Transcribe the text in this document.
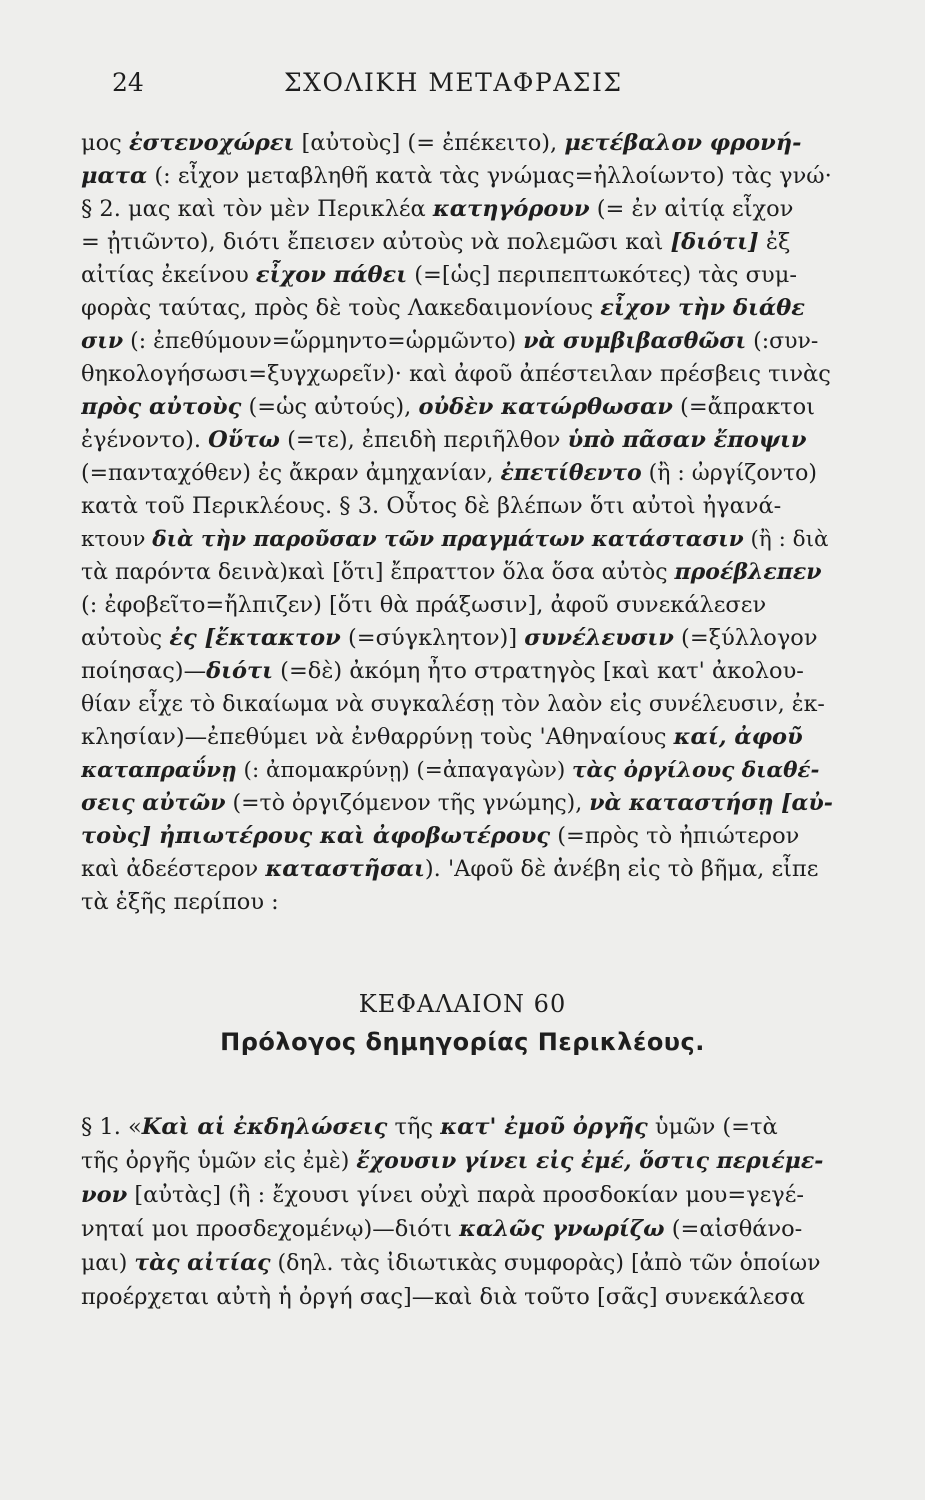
24	ΣΧΟΛΙΚΗ ΜΕΤΑΦΡΑΣΙΣ

μος ἐστενοχώρει [αὐτοὺς] (= ἐπέκειτο), μετέβαλον φρονή-

ματα (: εἶχον μεταβληθῆ κατὰ τὰς γνώμας=ἠλλοίωντο) τὰς γνώ·

§ 2. μας καὶ τὸν μὲν Περικλέα κατηγόρουν (= ἐν αἰτίᾳ εἶχον

= ᾐτιῶντο), διότι ἔπεισεν αὐτοὺς νὰ πολεμῶσι καὶ [διότι] ἐξ

αἰτίας ἐκείνου εἶχον πάθει (=[ὡς] περιπεπτωκότες) τὰς συμ-

φορὰς ταύτας, πρὸς δὲ τοὺς Λακεδαιμονίους εἶχον τὴν διάθε

σιν (: ἐπεθύμουν=ὥρμηντο=ὡρμῶντο) νὰ συμβιβασθῶσι (:συν-

θηκολογήσωσι=ξυγχωρεῖν)· καὶ ἀφοῦ ἀπέστειλαν πρέσβεις τινὰς

πρὸς αὐτοὺς (=ὡς αὐτούς), οὐδὲν κατώρθωσαν (=ἄπρακτοι

ἐγένοντο). Οὕτω (=τε), ἐπειδὴ περιῆλθον ὑπὸ πᾶσαν ἔποψιν

(=πανταχόθεν) ἐς ἄκραν ἀμηχανίαν, ἐπετίθεντο (ἢ : ὠργίζοντο)

κατὰ τοῦ Περικλέους. § 3. Οὗτος δὲ βλέπων ὅτι αὐτοὶ ἠγανά-

κτουν διὰ τὴν παροῦσαν τῶν πραγμάτων κατάστασιν (ἢ : διὰ

τὰ παρόντα δεινὰ)καὶ [ὅτι] ἔπραττον ὅλα ὅσα αὐτὸς προέβλεπεν

(: ἐφοβεῖτο=ἤλπιζεν) [ὅτι θὰ πράξωσιν], ἀφοῦ συνεκάλεσεν

αὐτοὺς ἐς [ἔκτακτον (=σύγκλητον)] συνέλευσιν (=ξύλλογον

ποίησας)—διότι (=δὲ) ἀκόμη ἦτο στρατηγὸς [καὶ κατ' ἀκολου-

θίαν εἶχε τὸ δικαίωμα νὰ συγκαλέσῃ τὸν λαὸν εἰς συνέλευσιν, ἐκ-

κλησίαν)—ἐπεθύμει νὰ ἐνθαρρύνῃ τοὺς 'Αθηναίους καί, ἀφοῦ

καταπραΰνῃ (: ἀπομακρύνῃ) (=ἀπαγαγὼν) τὰς ὀργίλους διαθέ-

σεις αὐτῶν (=τὸ ὀργιζόμενον τῆς γνώμης), νὰ καταστήσῃ [αὐ-

τοὺς] ἠπιωτέρους καὶ ἀφοβωτέρους (=πρὸς τὸ ἠπιώτερον

καὶ ἀδεέστερον καταστῆσαι). 'Αφοῦ δὲ ἀνέβη εἰς τὸ βῆμα, εἶπε

τὰ ἑξῆς περίπου :

ΚΕΦΑΛΑΙΟΝ 60
Πρόλογος δημηγορίας Περικλέους.

§ 1. «Καὶ αἱ ἐκδηλώσεις τῆς κατ' ἐμοῦ ὀργῆς ὑμῶν (=τὰ

τῆς ὀργῆς ὑμῶν εἰς ἐμὲ) ἔχουσιν γίνει εἰς ἐμέ, ὅστις περιέμε-

νον [αὐτὰς] (ἢ : ἔχουσι γίνει οὐχὶ παρὰ προσδοκίαν μου=γεγέ-

νηταί μοι προσδεχομένῳ)—διότι καλῶς γνωρίζω (=αἰσθάνο-

μαι) τὰς αἰτίας (δηλ. τὰς ἰδιωτικὰς συμφορὰς) [ἀπὸ τῶν ὁποίων

προέρχεται αὐτὴ ἡ ὀργή σας]—καὶ διὰ τοῦτο [σᾶς] συνεκάλεσα
